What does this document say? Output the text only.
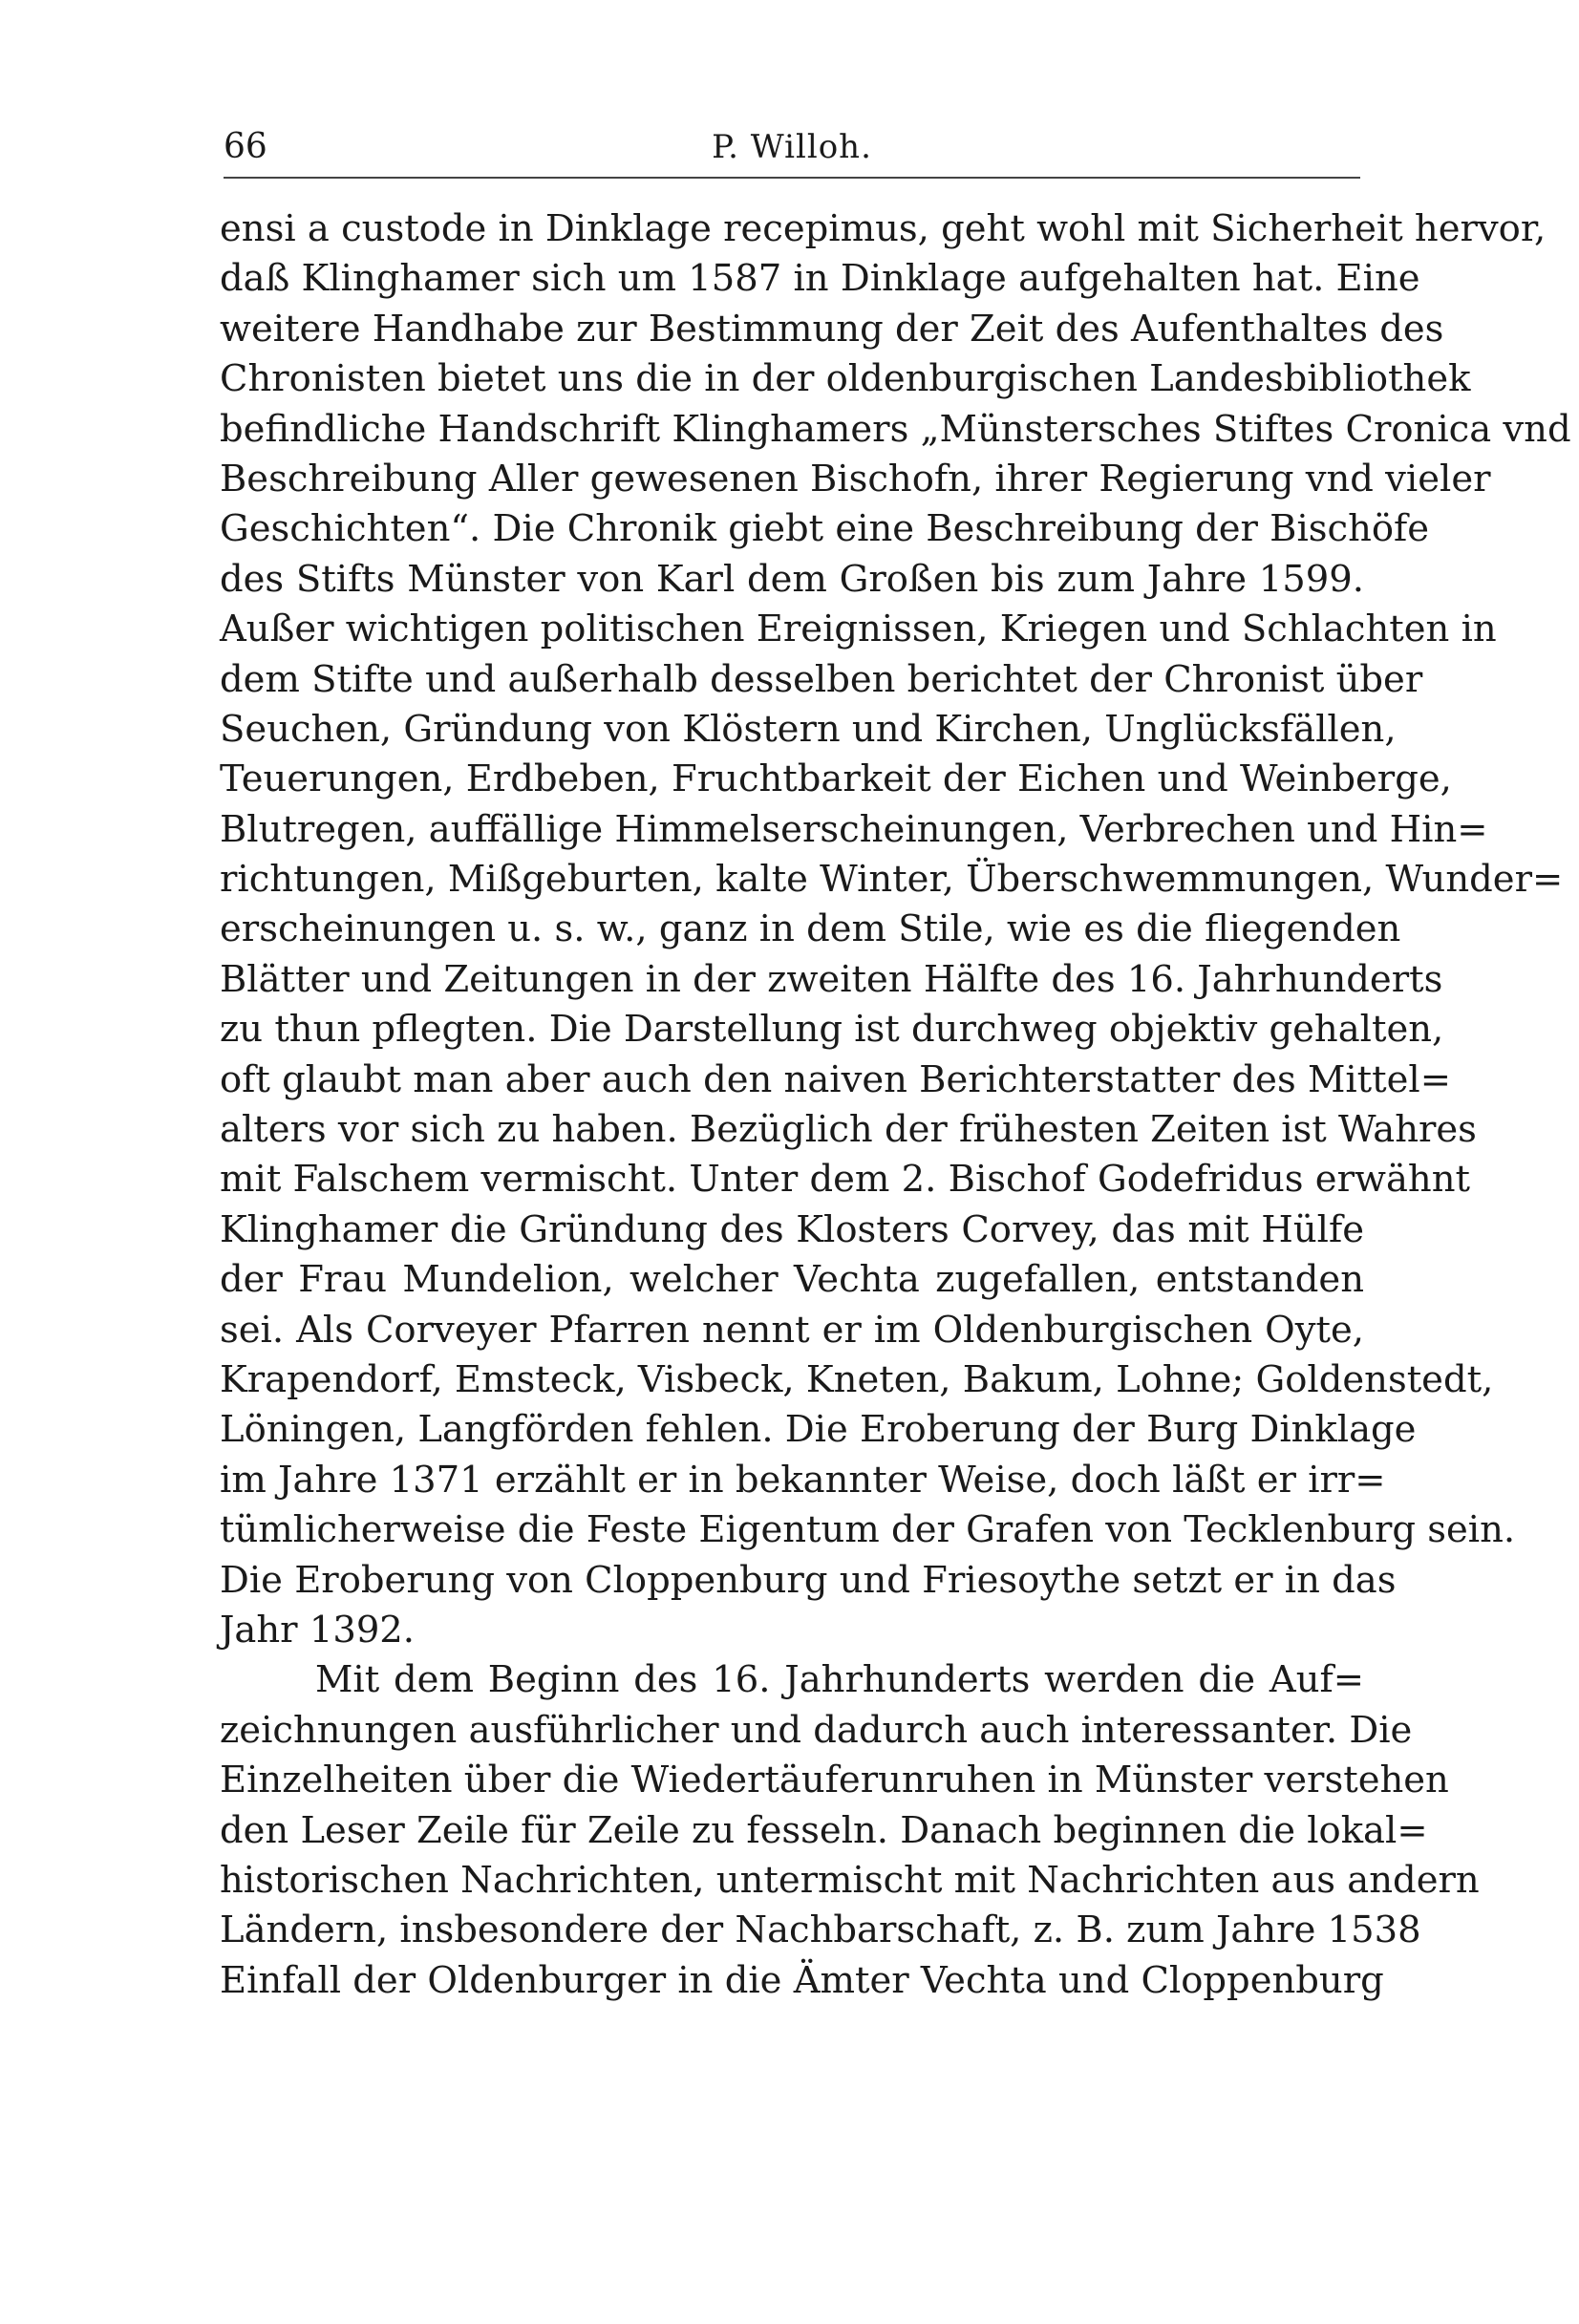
66	P. Willoh.
ensi a custode in Dinklage recepimus, geht wohl mit Sicherheit hervor,
daß Klinghamer sich um 1587 in Dinklage aufgehalten hat. Eine
weitere Handhabe zur Bestimmung der Zeit des Aufenthaltes des
Chronisten bietet uns die in der oldenburgischen Landesbibliothek
befindliche Handschrift Klinghamers „Münstersches Stiftes Cronica vnd
Beschreibung Aller gewesenen Bischofn, ihrer Regierung vnd vieler
Geschichten“. Die Chronik giebt eine Beschreibung der Bischöfe
des Stifts Münster von Karl dem Großen bis zum Jahre 1599.
Außer wichtigen politischen Ereignissen, Kriegen und Schlachten in
dem Stifte und außerhalb desselben berichtet der Chronist über
Seuchen, Gründung von Klöstern und Kirchen, Unglücksfällen,
Teuerungen, Erdbeben, Fruchtbarkeit der Eichen und Weinberge,
Blutregen, auffällige Himmelserscheinungen, Verbrechen und Hin=
richtungen, Mißgeburten, kalte Winter, Überschwemmungen, Wunder=
erscheinungen u. s. w., ganz in dem Stile, wie es die fliegenden
Blätter und Zeitungen in der zweiten Hälfte des 16. Jahrhunderts
zu thun pflegten. Die Darstellung ist durchweg objektiv gehalten,
oft glaubt man aber auch den naiven Berichterstatter des Mittel=
alters vor sich zu haben. Bezüglich der frühesten Zeiten ist Wahres
mit Falschem vermischt. Unter dem 2. Bischof Godefridus erwähnt
Klinghamer die Gründung des Klosters Corvey, das mit Hülfe
der Frau Mundelion, welcher Vechta zugefallen, entstanden
sei. Als Corveyer Pfarren nennt er im Oldenburgischen Oyte,
Krapendorf, Emsteck, Visbeck, Kneten, Bakum, Lohne; Goldenstedt,
Löningen, Langförden fehlen. Die Eroberung der Burg Dinklage
im Jahre 1371 erzählt er in bekannter Weise, doch läßt er irr=
tümlicherweise die Feste Eigentum der Grafen von Tecklenburg sein.
Die Eroberung von Cloppenburg und Friesoythe setzt er in das
Jahr 1392.
Mit dem Beginn des 16. Jahrhunderts werden die Auf=
zeichnungen ausführlicher und dadurch auch interessanter. Die
Einzelheiten über die Wiedertäuferunruhen in Münster verstehen
den Leser Zeile für Zeile zu fesseln. Danach beginnen die lokal=
historischen Nachrichten, untermischt mit Nachrichten aus andern
Ländern, insbesondere der Nachbarschaft, z. B. zum Jahre 1538
Einfall der Oldenburger in die Ämter Vechta und Cloppenburg
